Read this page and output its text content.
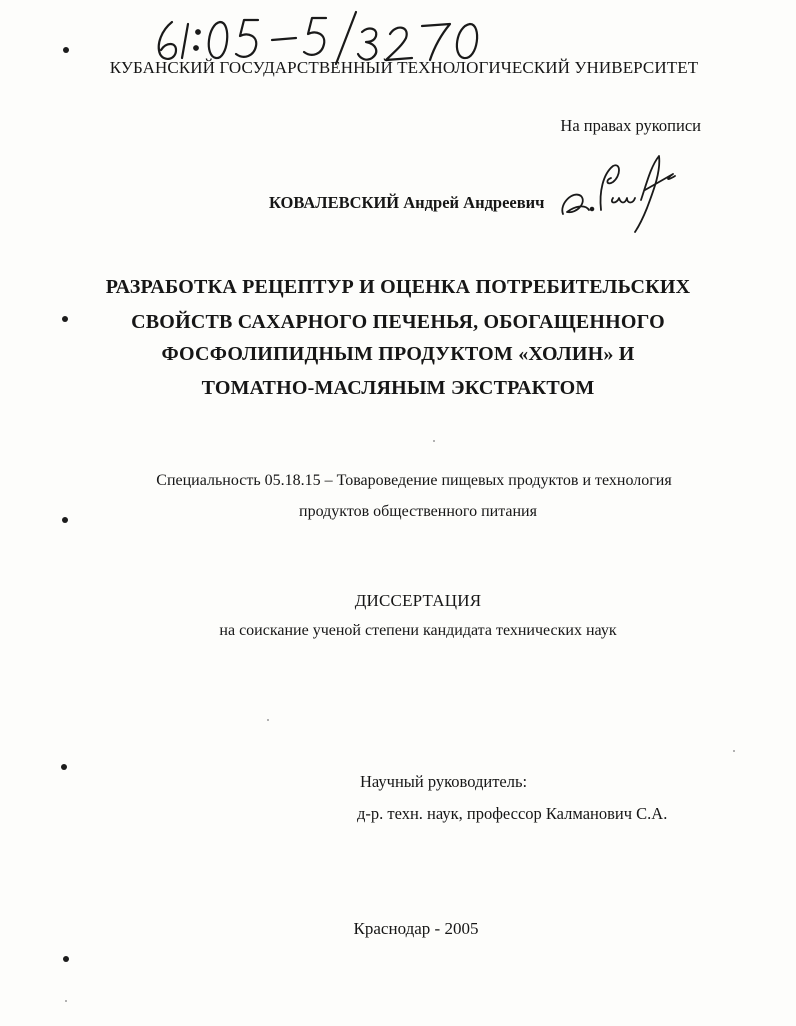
КУБАНСКИЙ ГОСУДАРСТВЕННЫЙ ТЕХНОЛОГИЧЕСКИЙ УНИВЕРСИТЕТ
На правах рукописи
КОВАЛЕВСКИЙ Андрей Андреевич
РАЗРАБОТКА РЕЦЕПТУР И ОЦЕНКА ПОТРЕБИТЕЛЬСКИХ
СВОЙСТВ САХАРНОГО ПЕЧЕНЬЯ, ОБОГАЩЕННОГО
ФОСФОЛИПИДНЫМ ПРОДУКТОМ «ХОЛИН» И
ТОМАТНО-МАСЛЯНЫМ ЭКСТРАКТОМ
Специальность 05.18.15 – Товароведение пищевых продуктов и технология
продуктов общественного питания
ДИССЕРТАЦИЯ
на соискание ученой степени кандидата технических наук
Научный руководитель:
д-р. техн. наук, профессор Калманович С.А.
Краснодар - 2005
